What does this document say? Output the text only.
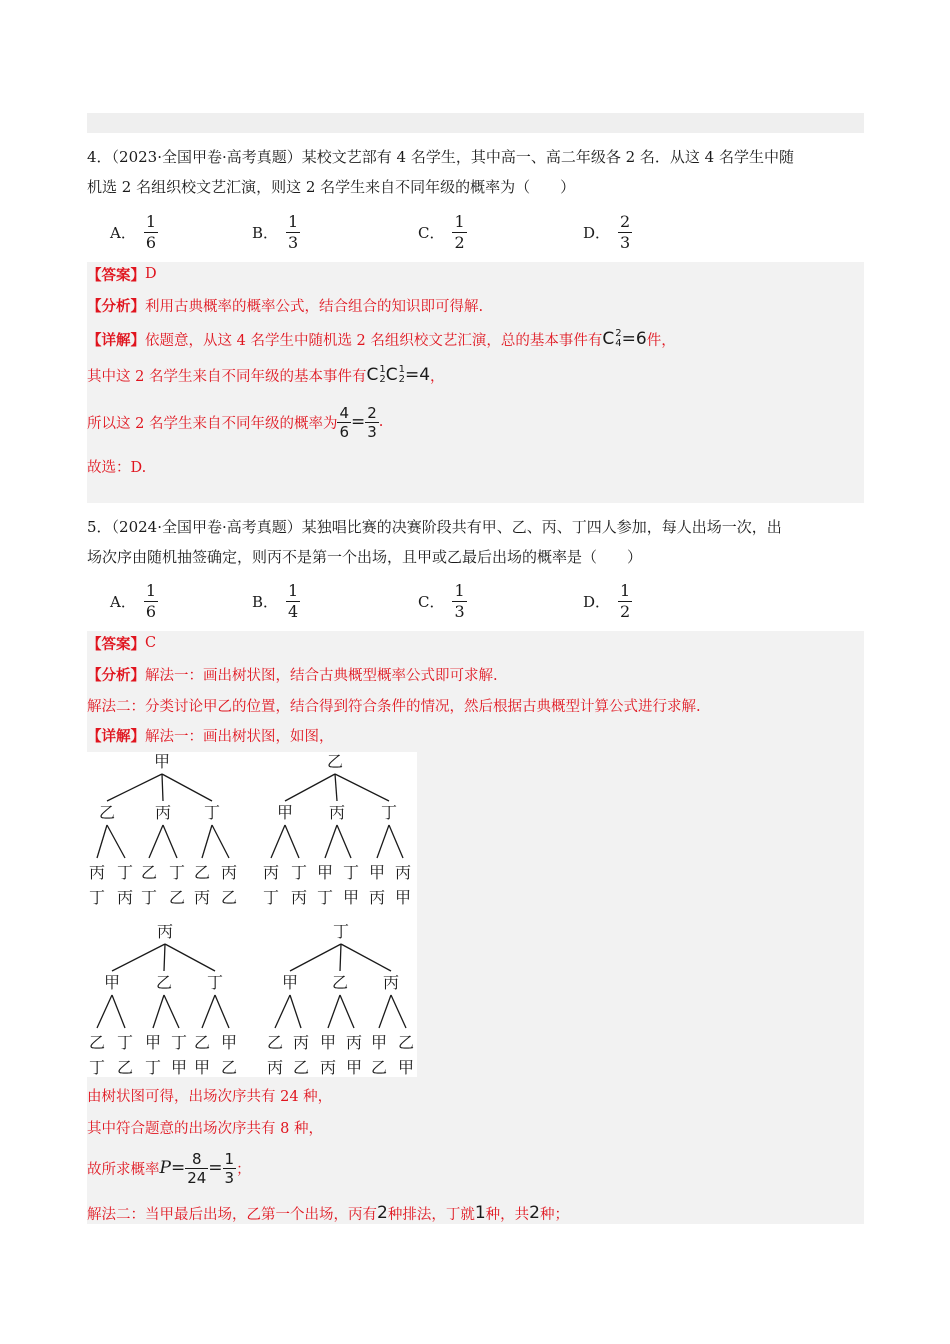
4．（2023·全国甲卷·高考真题）某校文艺部有 4 名学生，其中高一、高二年级各 2 名．从这 4 名学生中随
机选 2 名组织校文艺汇演，则这 2 名学生来自不同年级的概率为（　　）
A． $\frac{1}{6}$	B． $\frac{1}{3}$	C． $\frac{1}{2}$	D． $\frac{2}{3}$
【答案】 D
【分析】 利用古典概率的概率公式，结合组合的知识即可得解.
【详解】 依题意，从这 4 名学生中随机选 2 名组织校文艺汇演，总的基本事件有 C 2
4 =6 件，
其中这 2 名学生来自不同年级的基本事件有 C 1
2 C 1
2 =4 ，
所以这 2 名学生来自不同年级的概率为 $\frac{4}{6} = \frac{2}{3}$ .
故选：D.
5．（2024·全国甲卷·高考真题）某独唱比赛的决赛阶段共有甲、乙、丙、丁四人参加，每人出场一次，出
场次序由随机抽签确定，则丙不是第一个出场，且甲或乙最后出场的概率是（　　）
A． $\frac{1}{6}$	B． $\frac{1}{4}$	C． $\frac{1}{3}$	D． $\frac{1}{2}$
【答案】 C
【分析】 解法一：画出树状图，结合古典概型概率公式即可求解.
解法二：分类讨论甲乙的位置，结合得到符合条件的情况，然后根据古典概型计算公式进行求解.
【详解】 解法一：画出树状图，如图，
由树状图可得，出场次序共有 24 种，
其中符合题意的出场次序共有 8 种，
故所求概率 $P = \frac{8}{24} = \frac{1}{3}$ ；
解法二：当甲最后出场，乙第一个出场，丙有 2 种排法，丁就 1 种，共 2 种；
甲
乙 丙 丁
丙
丁
丁
丙
乙
丁
丁
乙
乙
丙
丙
乙
乙
甲 丙 丁
丙
丁
丁
丙
甲
丁
丁
甲
甲
丙
丙
甲
丙
甲 乙 丁
乙
丁
丁
乙
甲
丁
丁
甲
乙
甲
甲
乙
丁
甲 乙 丙
乙
丙
丙
乙
甲
丙
丙
甲
甲
乙
乙
甲
